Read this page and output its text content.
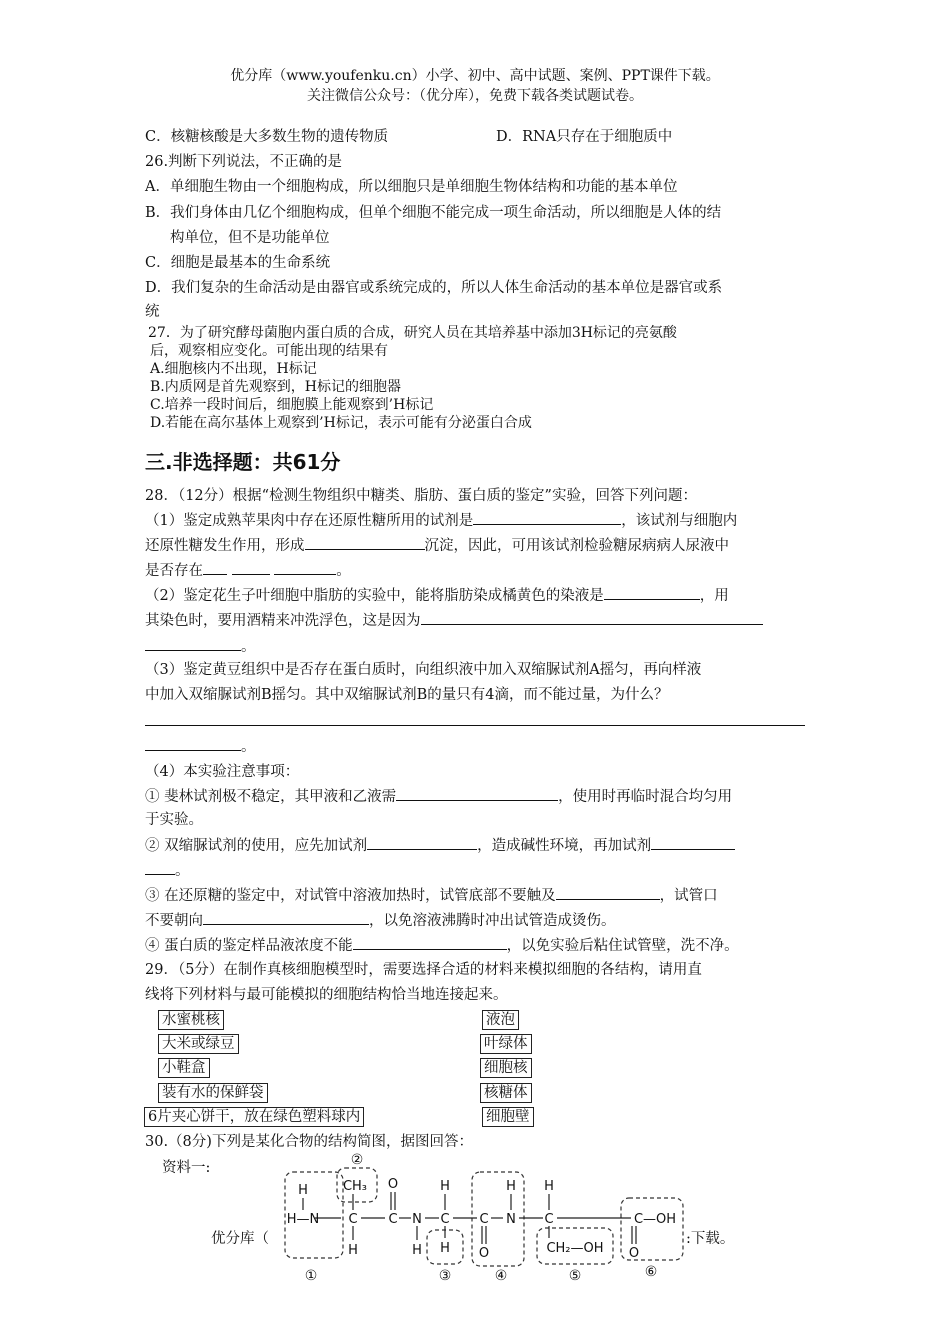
优分库（www.youfenku.cn）小学、初中、高中试题、案例、PPT课件下载。
关注微信公众号：（优分库），免费下载各类试题试卷。
C．核糖核酸是大多数生物的遗传物质	D．RNA只存在于细胞质中
26.判断下列说法，不正确的是
A．单细胞生物由一个细胞构成，所以细胞只是单细胞生物体结构和功能的基本单位
B．我们身体由几亿个细胞构成，但单个细胞不能完成一项生命活动，所以细胞是人体的结
构单位，但不是功能单位
C．细胞是最基本的生命系统
D．我们复杂的生命活动是由器官或系统完成的，所以人体生命活动的基本单位是器官或系
统
27．为了研究酵母菌胞内蛋白质的合成，研究人员在其培养基中添加3H标记的亮氨酸
后，观察相应变化。可能出现的结果有
A.细胞核内不出现，H标记
B.内质网是首先观察到，H标记的细胞器
C.培养一段时间后，细胞膜上能观察到’H标记
D.若能在高尔基体上观察到’H标记，表示可能有分泌蛋白合成
三.非选择题：共61分
28．（12分）根据“检测生物组织中糖类、脂肪、蛋白质的鉴定”实验，回答下列问题：
（1）鉴定成熟苹果肉中存在还原性糖所用的试剂是	，该试剂与细胞内
还原性糖发生作用，形成	沉淀，因此，可用该试剂检验糖尿病病人尿液中
是否存在	。
（2）鉴定花生子叶细胞中脂肪的实验中，能将脂肪染成橘黄色的染液是	，用
其染色时，要用酒精来冲洗浮色，这是因为
。
（3）鉴定黄豆组织中是否存在蛋白质时，向组织液中加入双缩脲试剂A摇匀，再向样液
中加入双缩脲试剂B摇匀。其中双缩脲试剂B的量只有4滴，而不能过量，为什么？
。
（4）本实验注意事项：
① 斐林试剂极不稳定，其甲液和乙液需	，使用时再临时混合均匀用
于实验。
② 双缩脲试剂的使用，应先加试剂	，造成碱性环境，再加试剂
。
③ 在还原糖的鉴定中，对试管中溶液加热时，试管底部不要触及	，试管口
不要朝向	，以免溶液沸腾时冲出试管造成烫伤。
④ 蛋白质的鉴定样品液浓度不能	，以免实验后粘住试管壁，洗不净。
29．（5分）在制作真核细胞模型时，需要选择合适的材料来模拟细胞的各结构，请用直
线将下列材料与最可能模拟的细胞结构恰当地连接起来。
水蜜桃核
大米或绿豆
小鞋盒
装有水的保鲜袋
6片夹心饼干，放在绿色塑料球内
液泡
叶绿体
细胞核
核糖体
细胞壁
30.（8分)下列是某化合物的结构简图，据图回答：
资料一:
优分库（	:下载。
H
H—N
CH₃
C
H
O
C N
H
H
C
H
C
O
H
N
H
C
CH₂—OH O
C—OH
①
②
③	④	⑤	⑥
